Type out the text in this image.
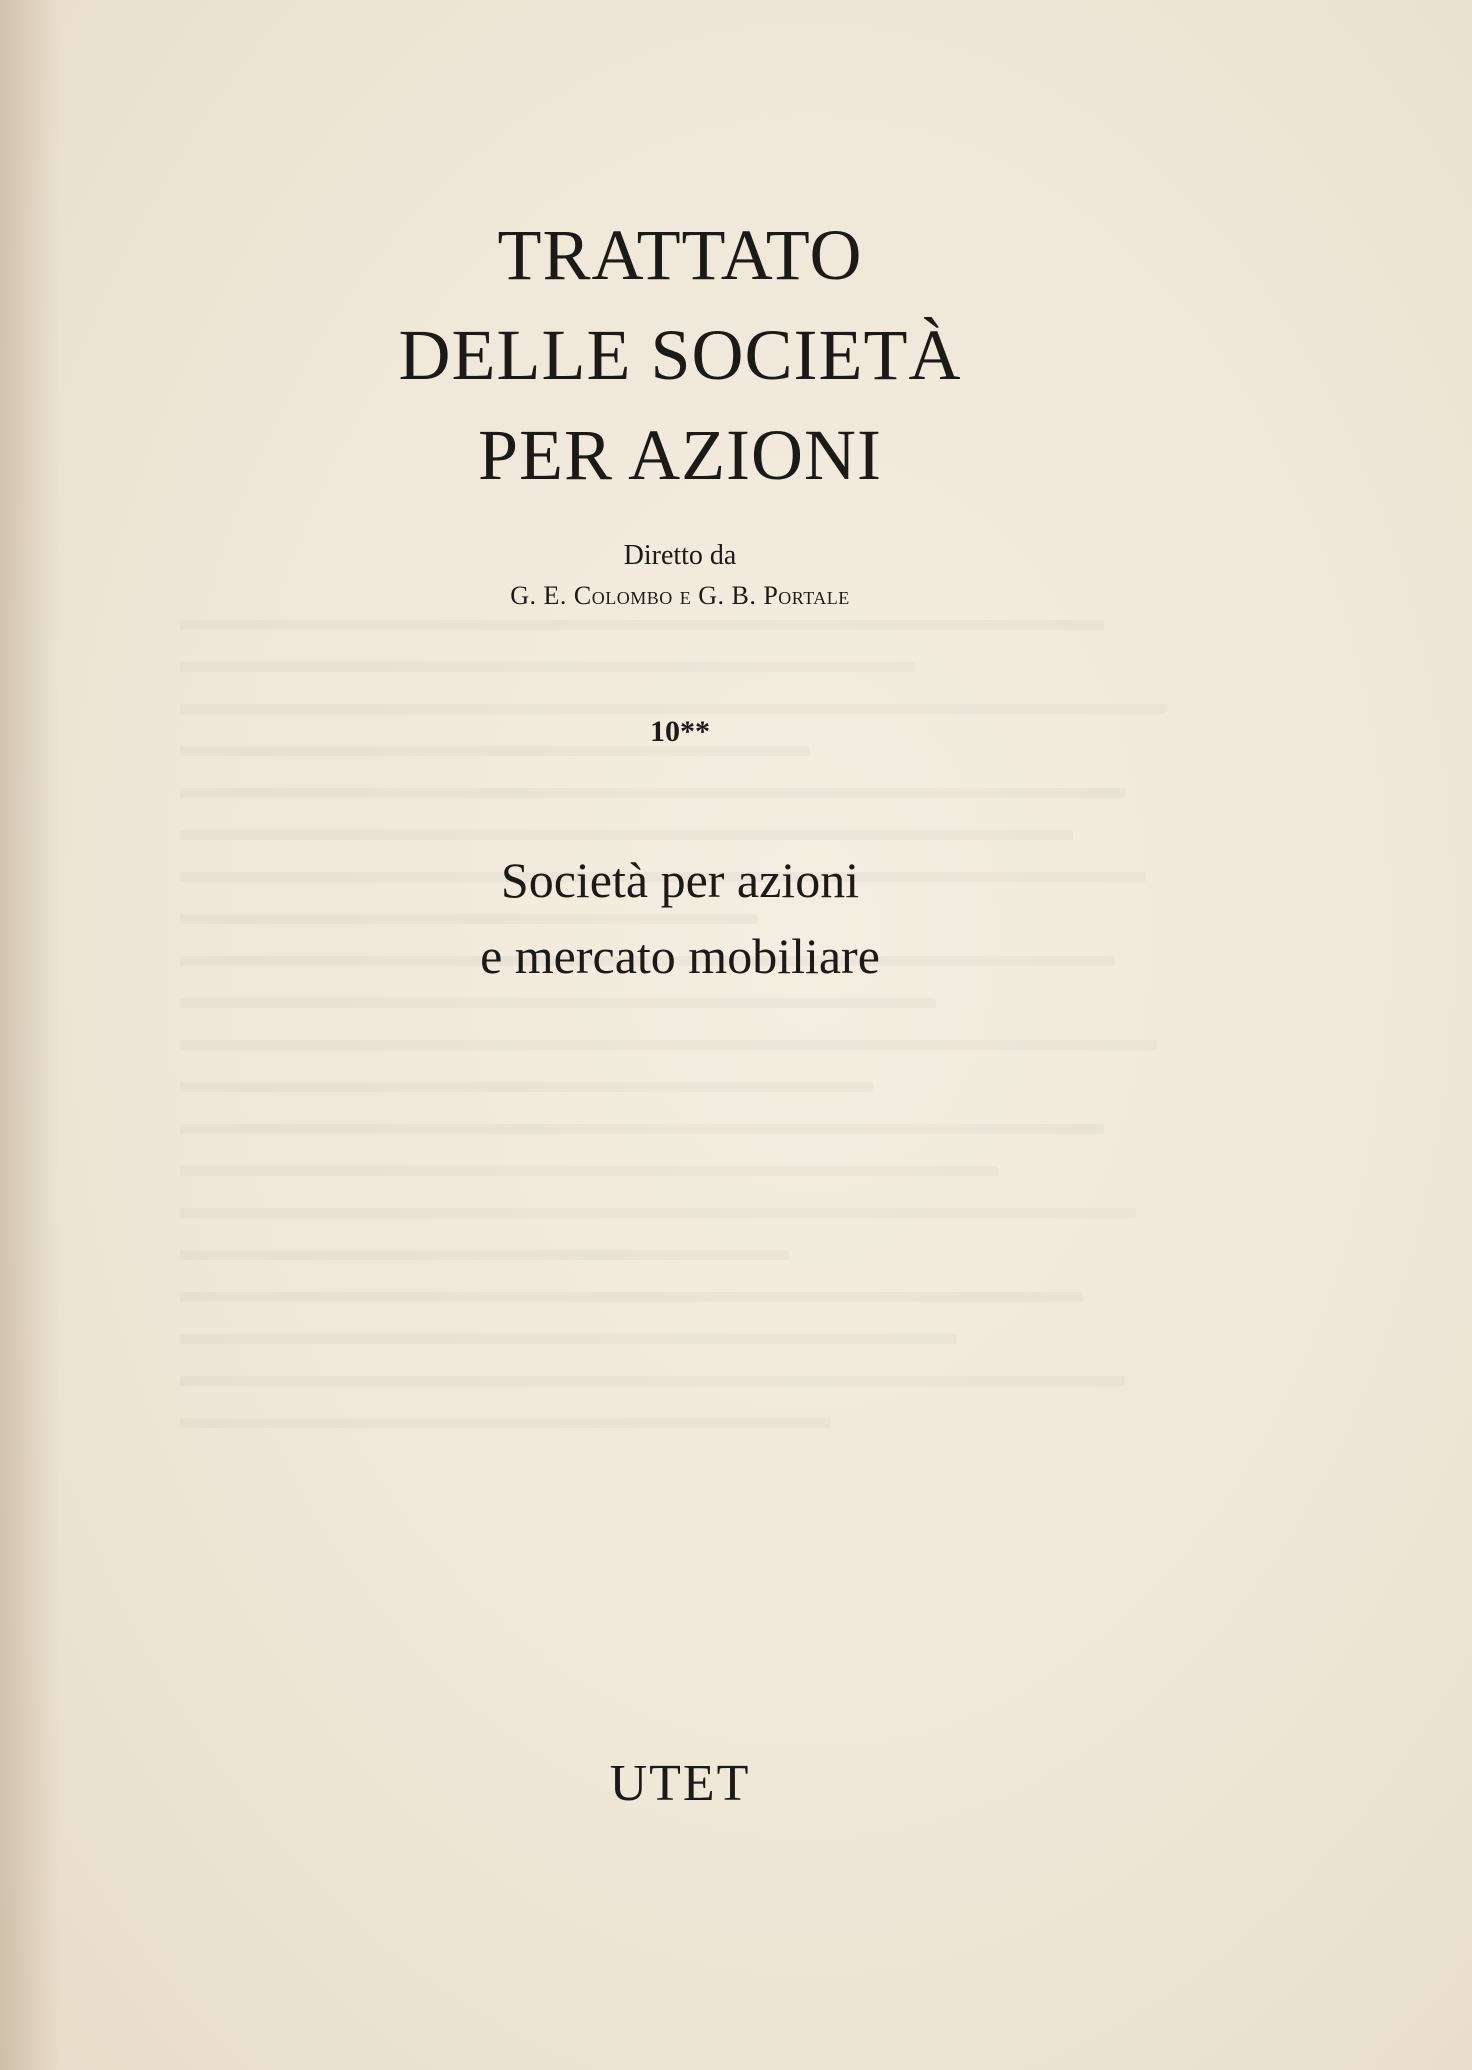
TRATTATO
DELLE SOCIETÀ
PER AZIONI
Diretto da
G. E. Colombo e G. B. Portale
10**
Società per azioni
e mercato mobiliare
UTET
